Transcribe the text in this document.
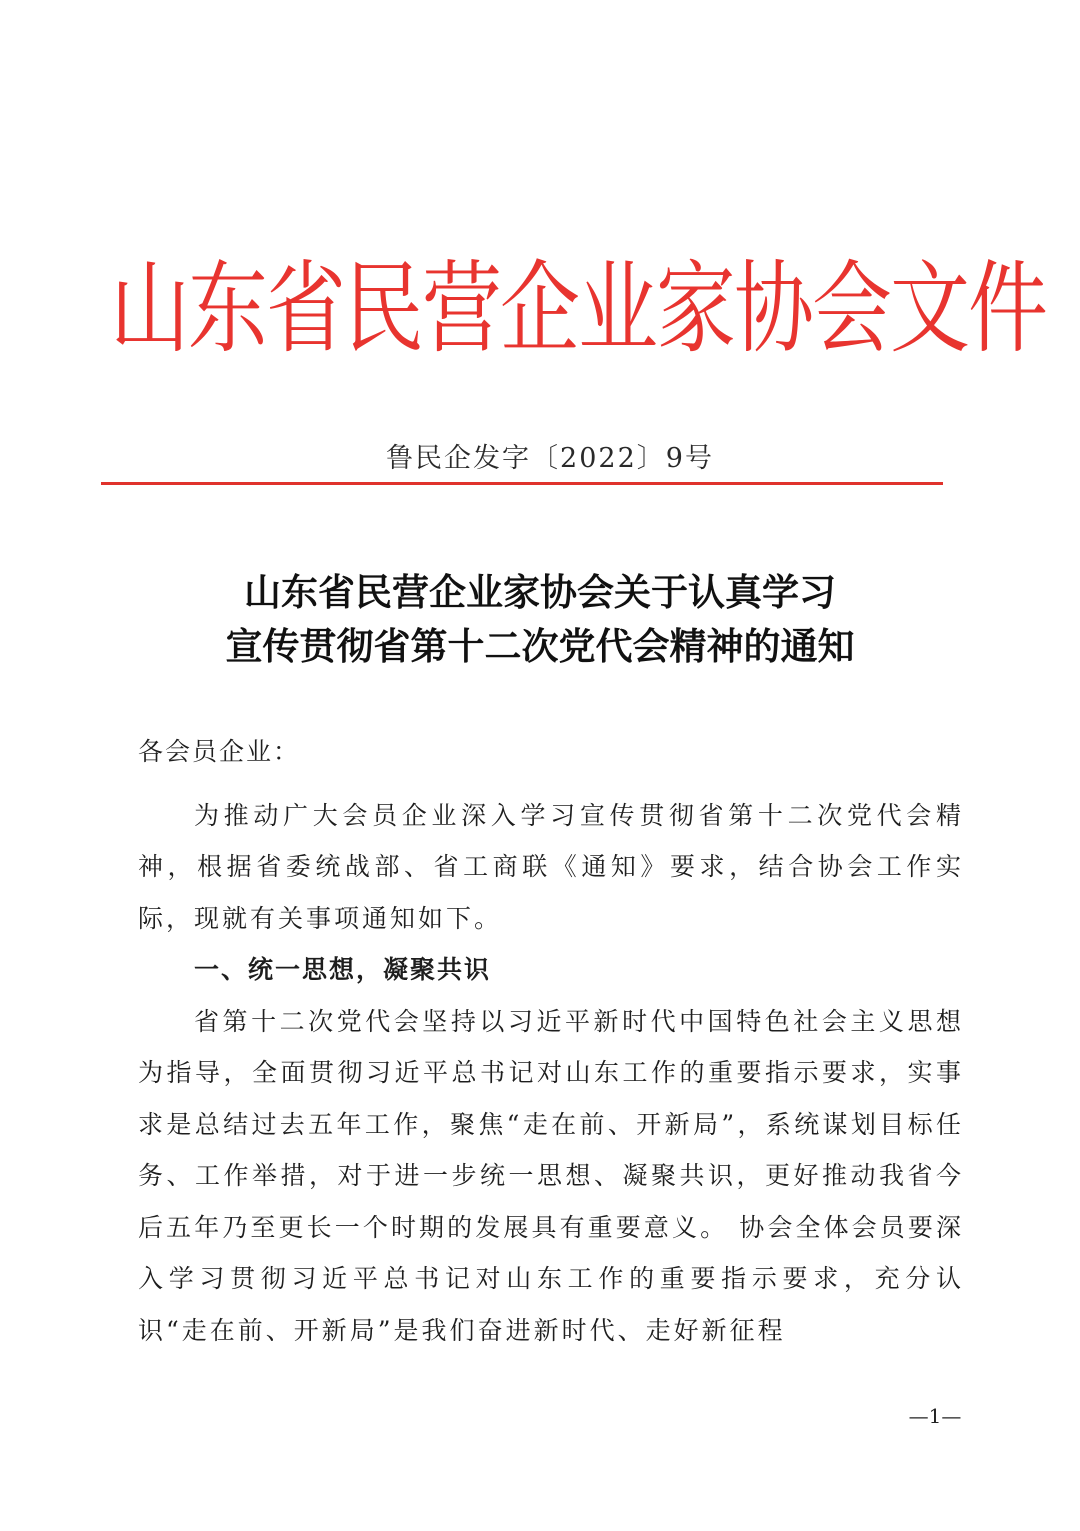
山东省民营企业家协会文件
鲁民企发字〔2022〕9号
山东省民营企业家协会关于认真学习
宣传贯彻省第十二次党代会精神的通知

各会员企业：

为推动广大会员企业深入学习宣传贯彻省第十二次党代会精神，根据省委统战部、省工商联《通知》要求，结合协会工作实际，现就有关事项通知如下。

一、统一思想，凝聚共识

省第十二次党代会坚持以习近平新时代中国特色社会主义思想为指导，全面贯彻习近平总书记对山东工作的重要指示要求，实事求是总结过去五年工作，聚焦“走在前、开新局”，系统谋划目标任务、工作举措，对于进一步统一思想、凝聚共识，更好推动我省今后五年乃至更长一个时期的发展具有重要意义。 协会全体会员要深入学习贯彻习近平总书记对山东工作的重要指示要求，充分认识“走在前、开新局”是我们奋进新时代、走好新征程

—1—
